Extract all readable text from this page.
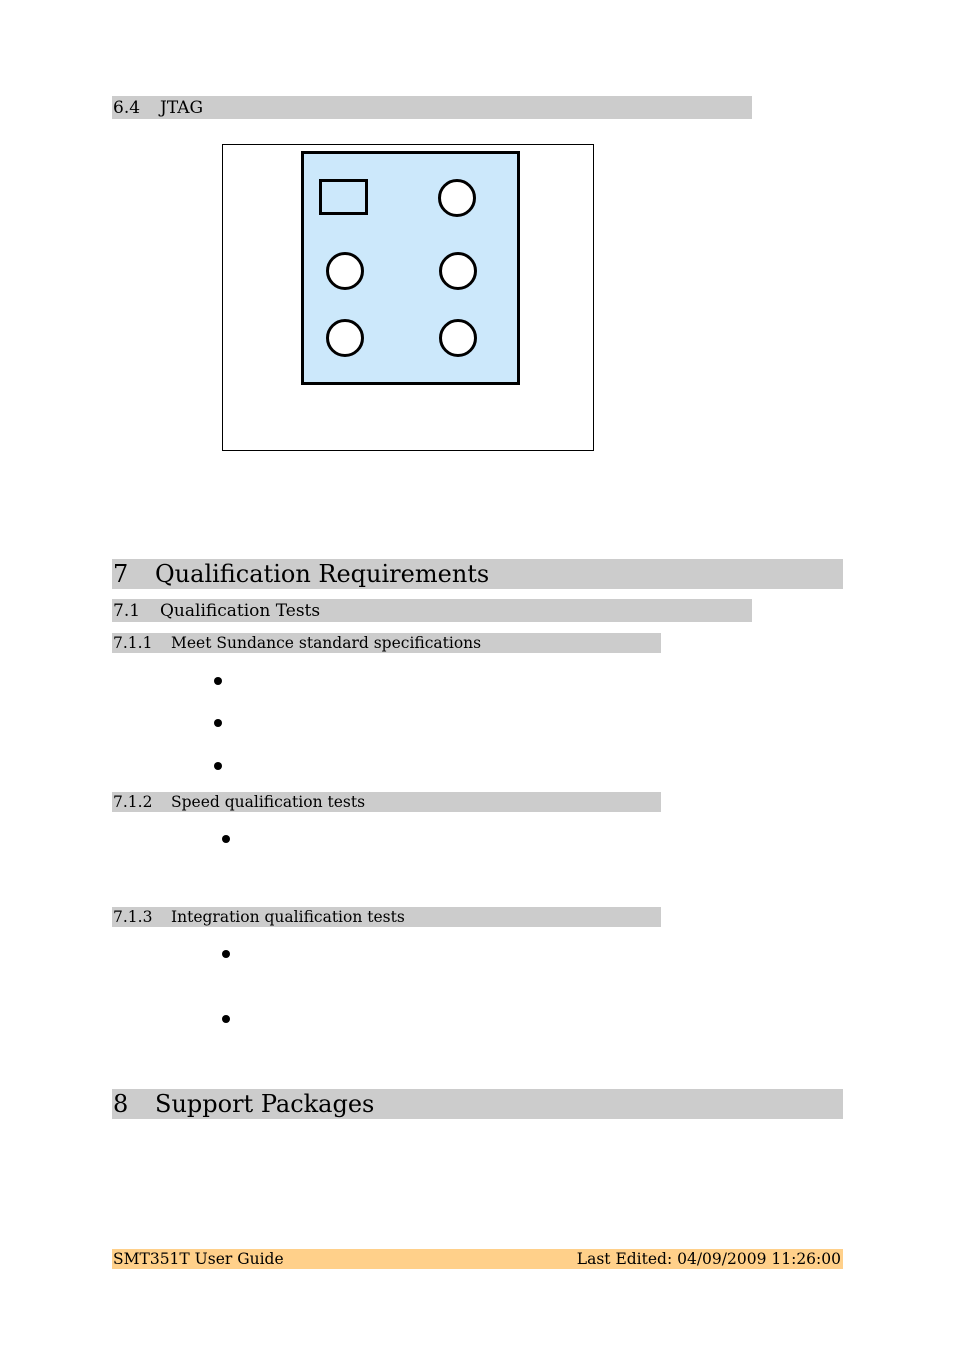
6.4 JTAG
7 Qualification Requirements
7.1 Qualification Tests
7.1.1 Meet Sundance standard specifications
7.1.2 Speed qualification tests
7.1.3 Integration qualification tests
8 Support Packages
SMT351T User Guide	Last Edited: 04/09/2009 11:26:00
